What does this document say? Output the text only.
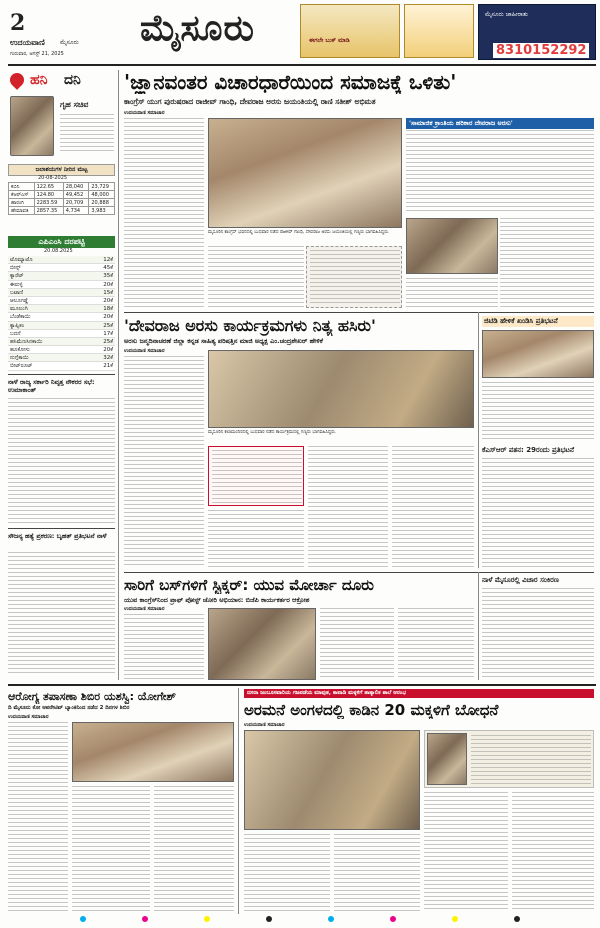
2
ಉದಯವಾಣಿ	ಮೈಸೂರು
ಗುರುವಾರ, ಆಗಸ್ಟ್ 21, 2025
ಮೈಸೂರು	ಈಗಲೇ ಬುಕ್ ಮಾಡಿ
ಮೈಸೂರು ಜಾಹೀರಾತು
8310152292
ಹನಿ ದನಿ
ಗೃಹ ಸಚಿವ
ಜಲಾಶಯಗಳ ನೀರಿನ ಮಟ್ಟ
20-08-2025
ಕಬಿನಿ	122.65	28,040	23,729
ಕೆಆರ್‌ಎಸ್	124.80	49,452	48,000
ಹಾರಂಗಿ	2283.59	20,709	20,888
ಹೇಮಾವತಿ	2857.35	4,734	3,983
ಎಪಿಎಂಸಿ ದರಪಟ್ಟಿ
20.08.2025
ಟೊಮ್ಯಾಟೊ	12ಕೆ
ಬೀನ್ಸ್	45ಕೆ
ಕ್ಯಾರೆಟ್	35ಕೆ
ಈರುಳ್ಳಿ	20ಕೆ
ಬಟಾಣಿ	15ಕೆ
ಆಲೂಗಡ್ಡೆ	20ಕೆ
ಮೂಲಂಗಿ	18ಕೆ
ಬೆಂಡೆಕಾಯಿ	20ಕೆ
ಕ್ಯಾಪ್ಸಿಕಂ	25ಕೆ
ಬದನೆ	17ಕೆ
ಹಸಿಮೆಣಸಿನಕಾಯಿ	25ಕೆ
ಹೂಕೋಸು	20ಕೆ
ನುಗ್ಗೆಕಾಯಿ	32ಕೆ
ಬೀಟ್‌ರೂಟ್	21ಕೆ
ನಾಳೆ ರಾಜ್ಯ ಸರ್ಕಾರಿ ನಿವೃತ್ತ ನೌಕರರ ಸಭೆ: ಉಮಾಕಾಂತ್
ಸೌಜನ್ಯ ಹತ್ಯೆ ಪ್ರಕರಣ: ಬೃಹತ್ ಪ್ರತಿಭಟನೆ ನಾಳೆ
'ಜ್ಞಾನವಂತರ ವಿಚಾರಧಾರೆಯಿಂದ ಸಮಾಜಕ್ಕೆ ಒಳಿತು'
ಕಾಂಗ್ರೆಸ್ ಯುಗ ಪುರುಷರಾದ ರಾಜೀವ್ ಗಾಂಧಿ, ದೇವರಾಜ ಅರಸು ಜಯಂತಿಯಲ್ಲಿ ರಾಣಿ ಸತೀಶ್ ಅಭಿಮತ
ಉದಯವಾಣಿ ಸಮಾಚಾರ
ಮೈಸೂರಿನ ಕಾಂಗ್ರೆಸ್ ಭವನದಲ್ಲಿ ಬುಧವಾರ ನಡೆದ ರಾಜೀವ್ ಗಾಂಧಿ, ದೇವರಾಜ ಅರಸು ಜಯಂತಿಯಲ್ಲಿ ಗಣ್ಯರು ಭಾಗವಹಿಸಿದ್ದರು.
'ಸಾಮಾಜಿಕ ಕ್ರಾಂತಿಯ ಹರಿಕಾರ ದೇವರಾಜ ಅರಸು'
'ದೇವರಾಜ ಅರಸು ಕಾರ್ಯಕ್ರಮಗಳು ನಿತ್ಯ ಹಸಿರು'
ಅರಸು ಜನ್ಮದಿನಾಚರಣೆ ಜಿಲ್ಲಾ ಕನ್ನಡ ಸಾಹಿತ್ಯ ಪರಿಷತ್ತಿನ ಮಾಜಿ ಅಧ್ಯಕ್ಷ ಎಂ.ಚಂದ್ರಶೇಖರ್ ಹೇಳಿಕೆ
ಉದಯವಾಣಿ ಸಮಾಚಾರ
ಮೈಸೂರಿನ ಕಲಾಮಂದಿರದಲ್ಲಿ ಬುಧವಾರ ನಡೆದ ಕಾರ್ಯಕ್ರಮದಲ್ಲಿ ಗಣ್ಯರು ಭಾಗವಹಿಸಿದ್ದರು.
ಜಿಟಿಡಿ ಹೇಳಿಕೆ ಖಂಡಿಸಿ ಪ್ರತಿಭಟನೆ
ಕೆಎಸ್‌ಆರ್ ಪತನ: 29ರಂದು ಪ್ರತಿಭಟನೆ
ಸಾರಿಗೆ ಬಸ್‌ಗಳಿಗೆ ಸ್ಟಿಕ್ಕರ್: ಯುವ ಮೋರ್ಚಾ ದೂರು
ಯುವ ಕಾಂಗ್ರೆಸ್‌ನಿಂದ ಪ್ರಾಫ್ ಪೋಸ್ಟ್ ಚೋರಿ ಅಭಿಯಾನ: ಬಿಜೆಪಿ ಕಾರ್ಯಕರ್ತರ ಆಕ್ರೋಶ
ಉದಯವಾಣಿ ಸಮಾಚಾರ
ನಾಳೆ ಮೈಸೂರಲ್ಲಿ ವಿಚಾರ ಸಂಕಿರಣ
ಆರೋಗ್ಯ ತಪಾಸಣಾ ಶಿಬಿರ ಯಶಸ್ವಿ: ಯೋಗೇಶ್
ದಿ ಮೈಸೂರು ಕೋ ಆಪರೇಟಿವ್ ಬ್ಯಾಂಕಿನಿಂದ ನಡೆದ 2 ದಿನಗಳ ಶಿಬಿರ
ಉದಯವಾಣಿ ಸಮಾಚಾರ
ದಸರಾ ಜಂಬೂಸವಾರಿಯ ಗಜಪಡೆಯ ಮಾವುತ, ಕಾವಾಡಿ ಮಕ್ಕಳಿಗೆ ತಾತ್ಕಾಲಿಕ ಶಾಲೆ ಆರಂಭ
ಅರಮನೆ ಅಂಗಳದಲ್ಲಿ ಕಾಡಿನ 20 ಮಕ್ಕಳಿಗೆ ಬೋಧನೆ
ಉದಯವಾಣಿ ಸಮಾಚಾರ
